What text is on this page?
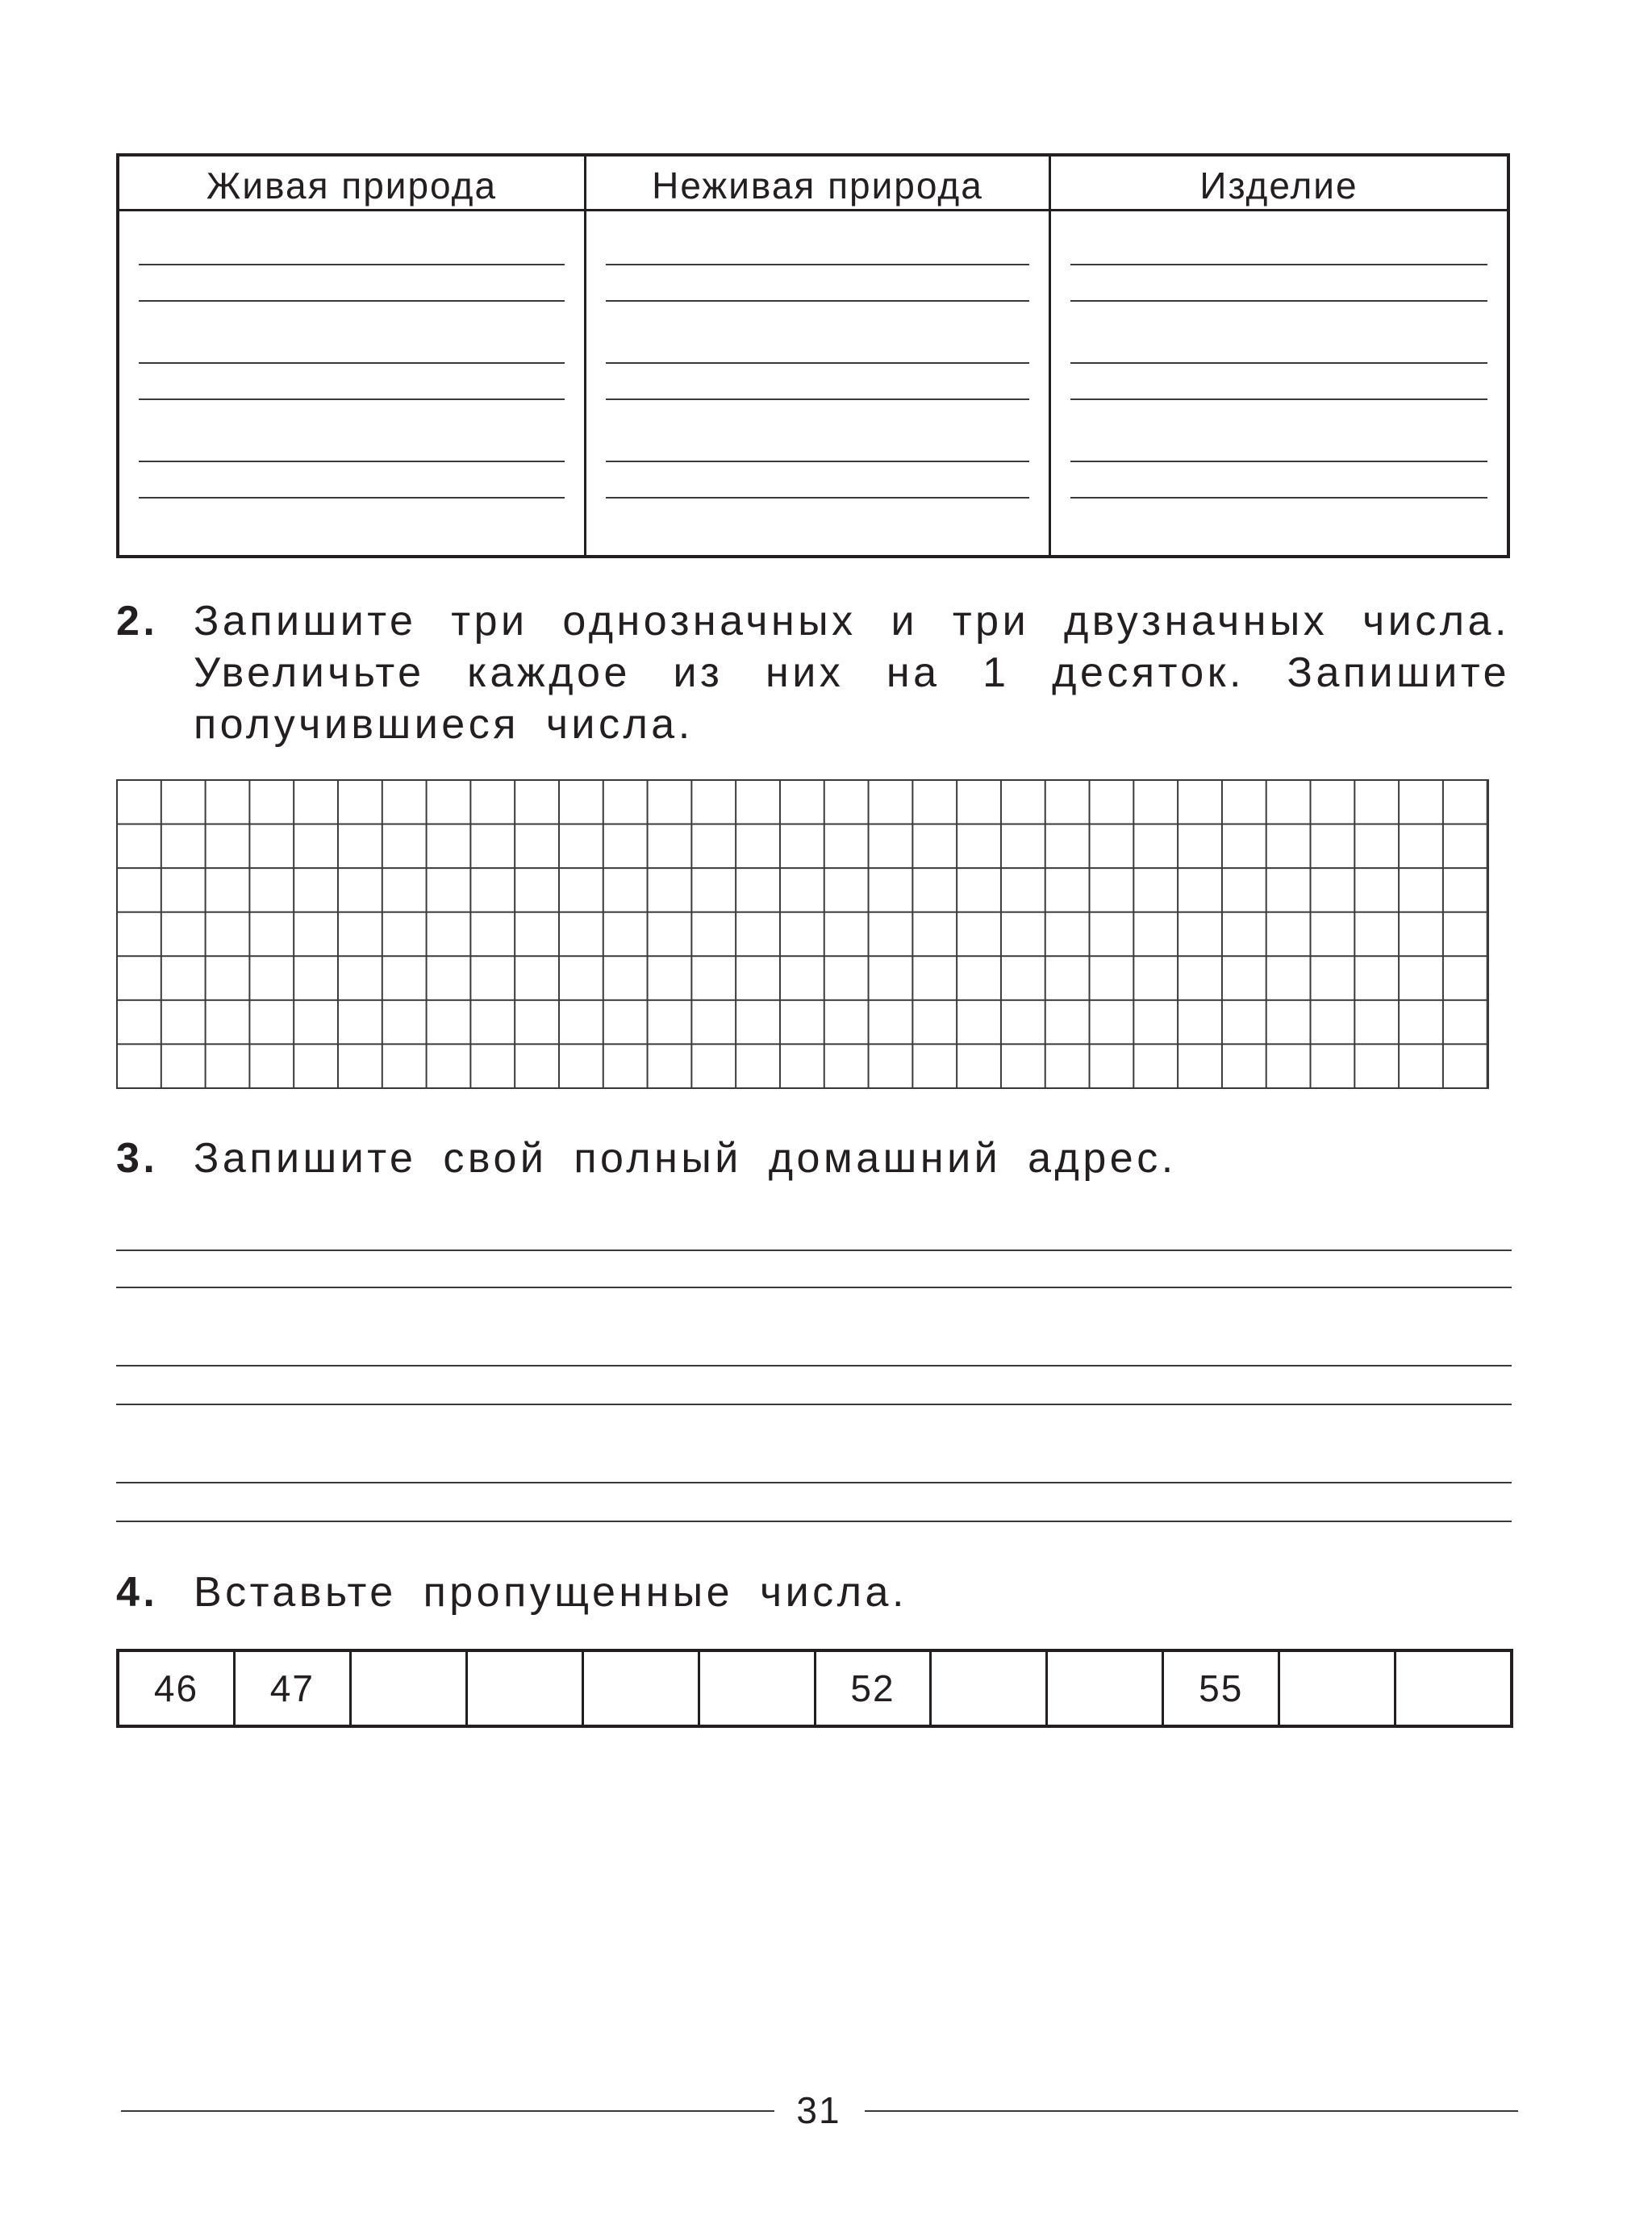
Живая природа	Неживая природа	Изделие
2. Запишите три однозначных и три двузначных числа. Увеличьте каждое из них на 1 десяток. Запишите получившиеся числа.
3. Запишите свой полный домашний адрес.
4. Вставьте пропущенные числа.
46	47	52	55
31
